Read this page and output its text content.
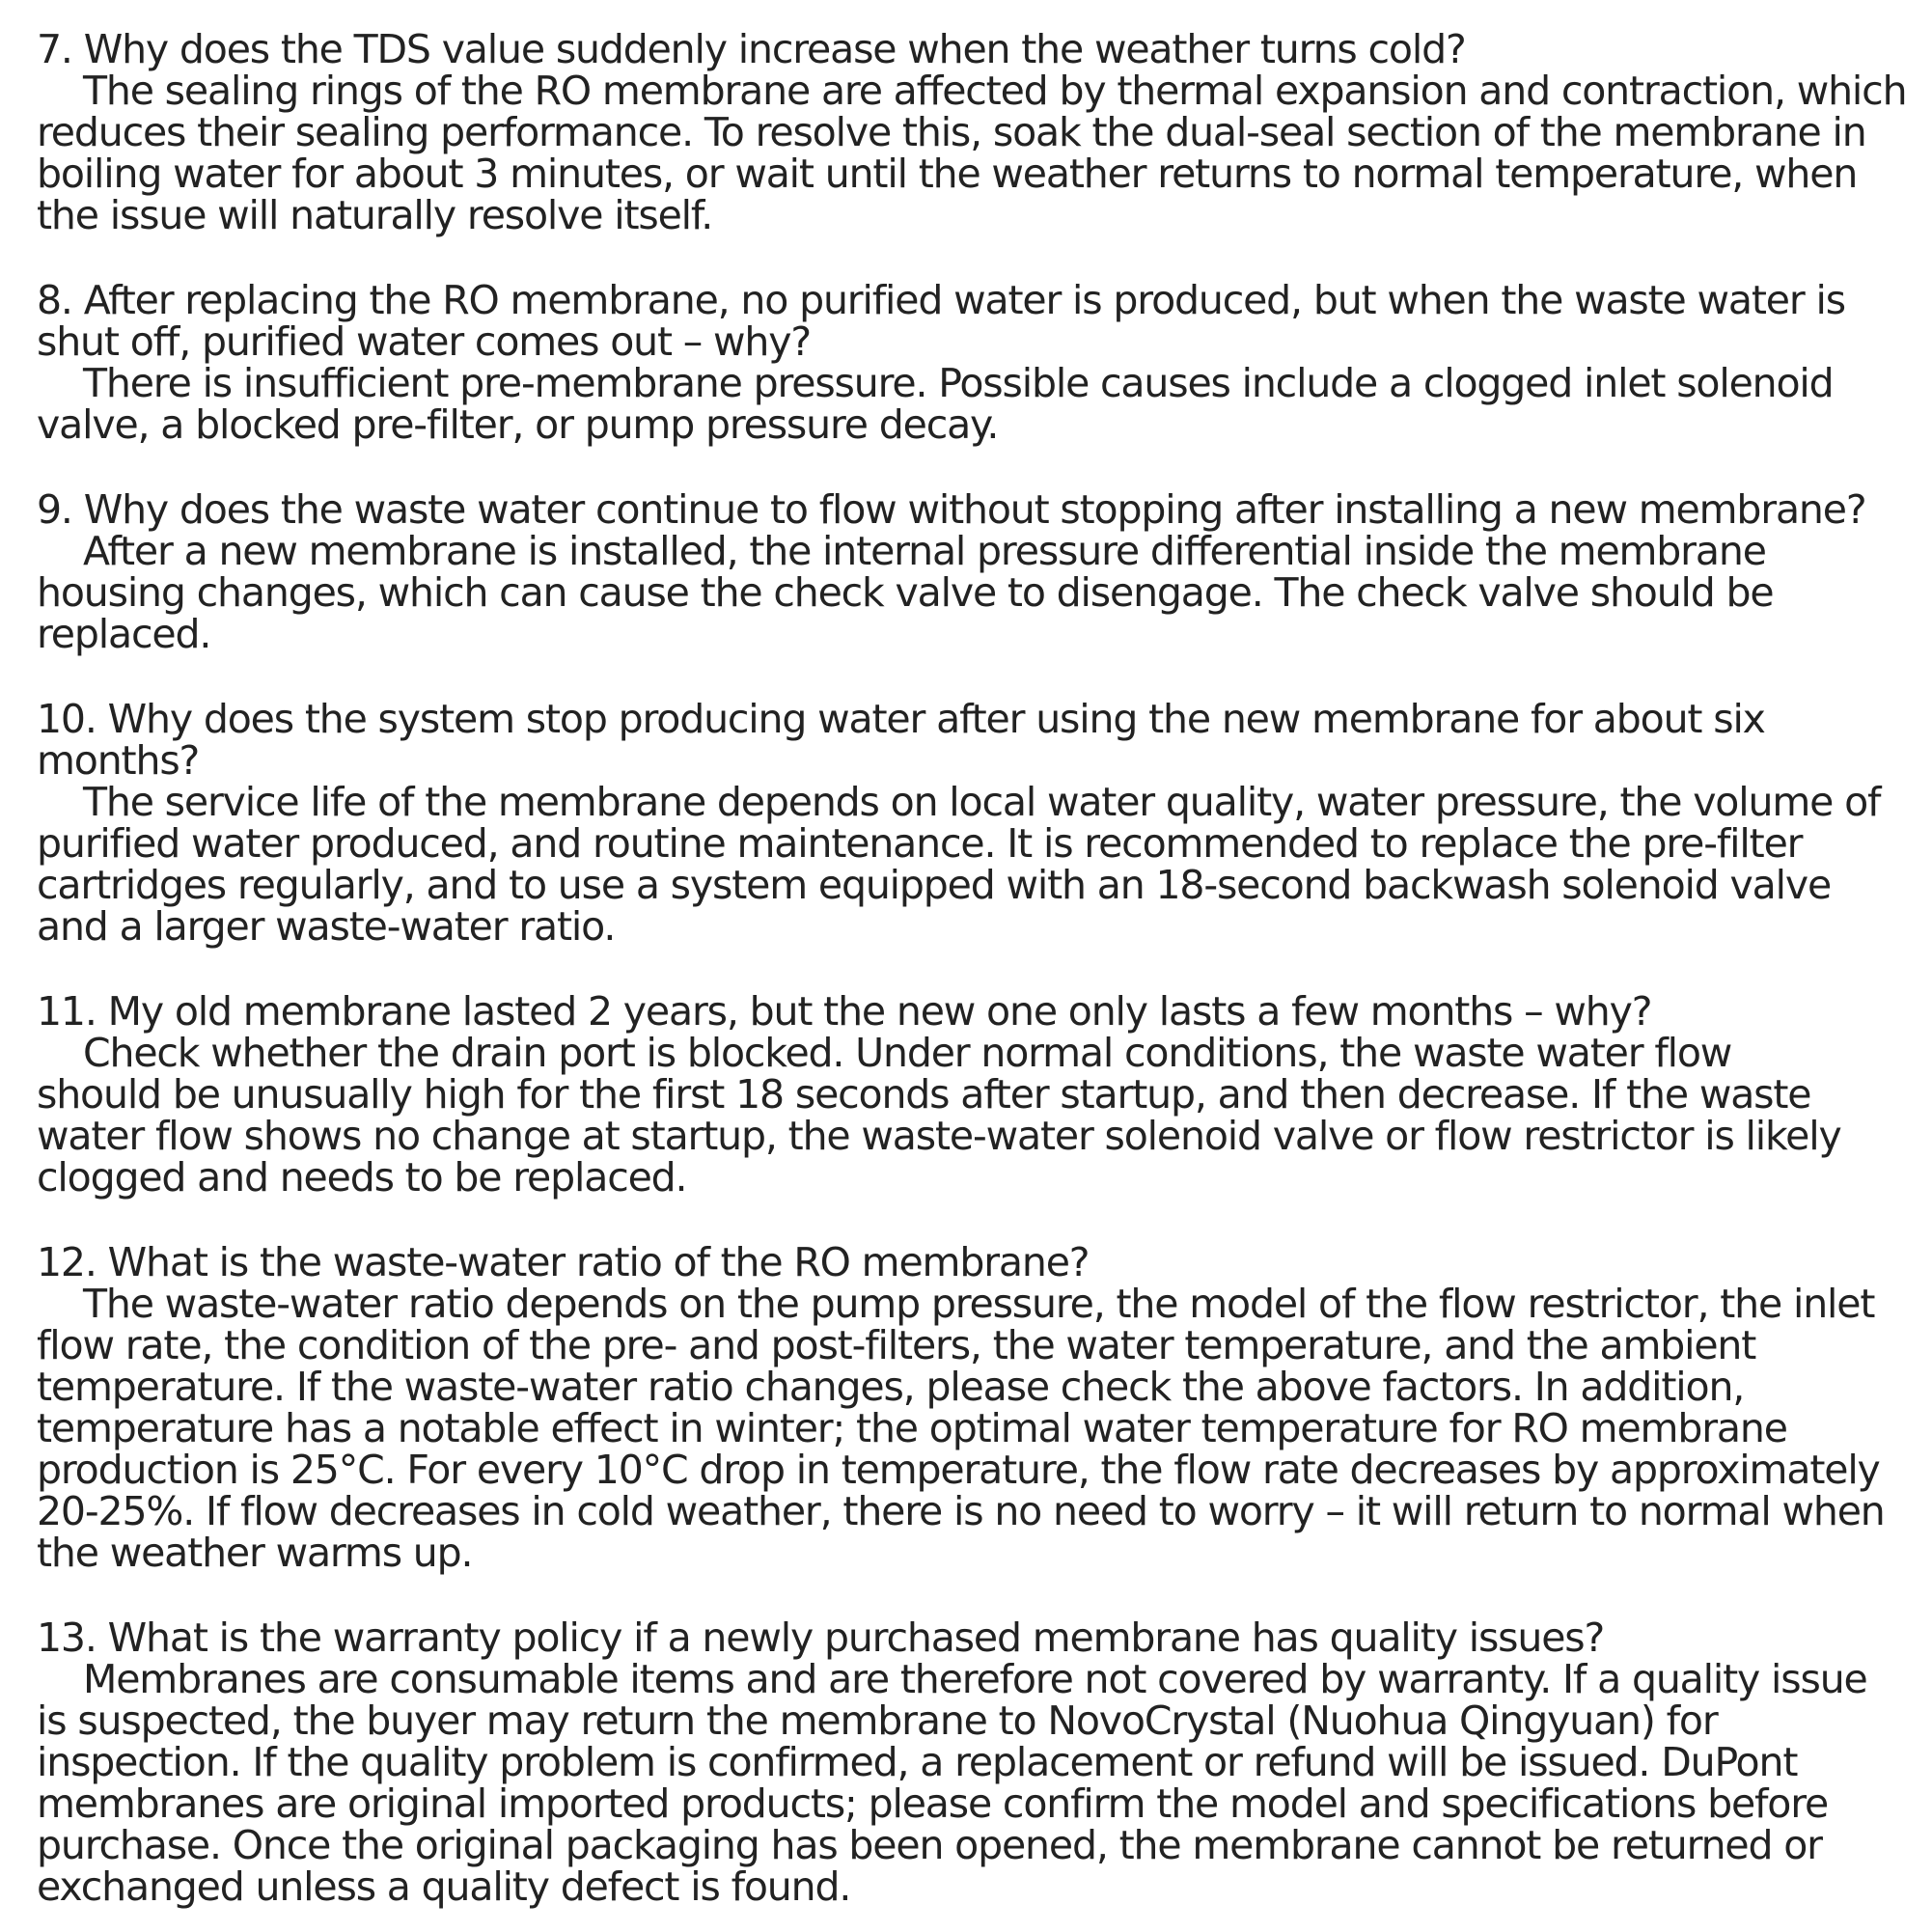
7. Why does the TDS value suddenly increase when the weather turns cold?

The sealing rings of the RO membrane are affected by thermal expansion and contraction, which

reduces their sealing performance. To resolve this, soak the dual-seal section of the membrane in

boiling water for about 3 minutes, or wait until the weather returns to normal temperature, when

the issue will naturally resolve itself.

8. After replacing the RO membrane, no purified water is produced, but when the waste water is

shut off, purified water comes out – why?

There is insufficient pre-membrane pressure. Possible causes include a clogged inlet solenoid

valve, a blocked pre-filter, or pump pressure decay.

9. Why does the waste water continue to flow without stopping after installing a new membrane?

After a new membrane is installed, the internal pressure differential inside the membrane

housing changes, which can cause the check valve to disengage. The check valve should be

replaced.

10. Why does the system stop producing water after using the new membrane for about six

months?

The service life of the membrane depends on local water quality, water pressure, the volume of

purified water produced, and routine maintenance. It is recommended to replace the pre-filter

cartridges regularly, and to use a system equipped with an 18-second backwash solenoid valve

and a larger waste-water ratio.

11. My old membrane lasted 2 years, but the new one only lasts a few months – why?

Check whether the drain port is blocked. Under normal conditions, the waste water flow

should be unusually high for the first 18 seconds after startup, and then decrease. If the waste

water flow shows no change at startup, the waste-water solenoid valve or flow restrictor is likely

clogged and needs to be replaced.

12. What is the waste-water ratio of the RO membrane?

The waste-water ratio depends on the pump pressure, the model of the flow restrictor, the inlet

flow rate, the condition of the pre- and post-filters, the water temperature, and the ambient

temperature. If the waste-water ratio changes, please check the above factors. In addition,

temperature has a notable effect in winter; the optimal water temperature for RO membrane

production is 25°C. For every 10°C drop in temperature, the flow rate decreases by approximately

20-25%. If flow decreases in cold weather, there is no need to worry – it will return to normal when

the weather warms up.

13. What is the warranty policy if a newly purchased membrane has quality issues?

Membranes are consumable items and are therefore not covered by warranty. If a quality issue

is suspected, the buyer may return the membrane to NovoCrystal (Nuohua Qingyuan) for

inspection. If the quality problem is confirmed, a replacement or refund will be issued. DuPont

membranes are original imported products; please confirm the model and specifications before

purchase. Once the original packaging has been opened, the membrane cannot be returned or

exchanged unless a quality defect is found.
